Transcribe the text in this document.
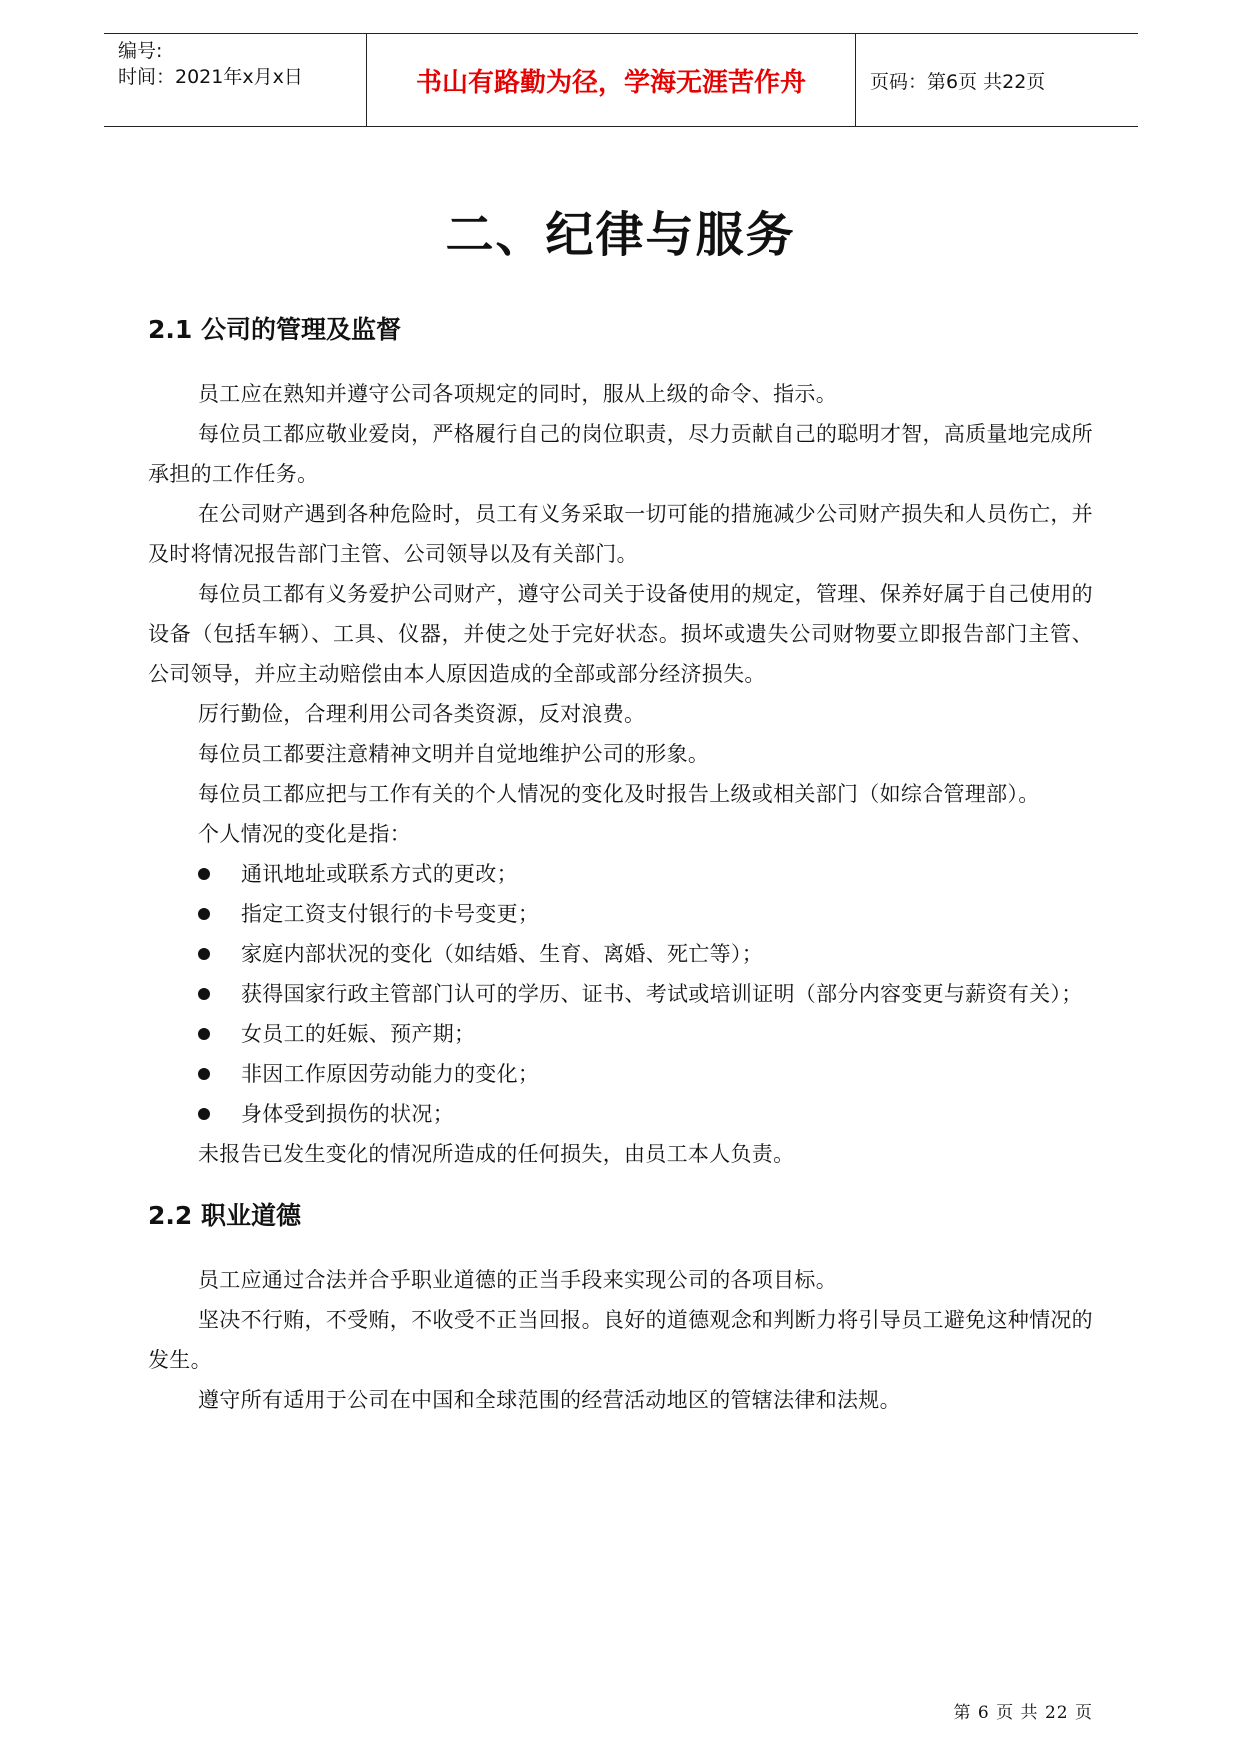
编号:
时间：2021年x月x日	书山有路勤为径，学海无涯苦作舟	页码：第6页 共22页
二、纪律与服务
2.1 公司的管理及监督

员工应在熟知并遵守公司各项规定的同时，服从上级的命令、指示。

每位员工都应敬业爱岗，严格履行自己的岗位职责，尽力贡献自己的聪明才智，高质量地完成所承担的工作任务。

在公司财产遇到各种危险时，员工有义务采取一切可能的措施减少公司财产损失和人员伤亡，并及时将情况报告部门主管、公司领导以及有关部门。

每位员工都有义务爱护公司财产，遵守公司关于设备使用的规定，管理、保养好属于自己使用的设备（包括车辆）、工具、仪器，并使之处于完好状态。损坏或遗失公司财物要立即报告部门主管、公司领导，并应主动赔偿由本人原因造成的全部或部分经济损失。

厉行勤俭，合理利用公司各类资源，反对浪费。

每位员工都要注意精神文明并自觉地维护公司的形象。

每位员工都应把与工作有关的个人情况的变化及时报告上级或相关部门（如综合管理部）。

个人情况的变化是指：

通讯地址或联系方式的更改；
指定工资支付银行的卡号变更；
家庭内部状况的变化（如结婚、生育、离婚、死亡等）；
获得国家行政主管部门认可的学历、证书、考试或培训证明（部分内容变更与薪资有关）；
女员工的妊娠、预产期；
非因工作原因劳动能力的变化；
身体受到损伤的状况；

未报告已发生变化的情况所造成的任何损失，由员工本人负责。

2.2 职业道德

员工应通过合法并合乎职业道德的正当手段来实现公司的各项目标。

坚决不行贿，不受贿，不收受不正当回报。良好的道德观念和判断力将引导员工避免这种情况的发生。

遵守所有适用于公司在中国和全球范围的经营活动地区的管辖法律和法规。

第 6 页 共 22 页
